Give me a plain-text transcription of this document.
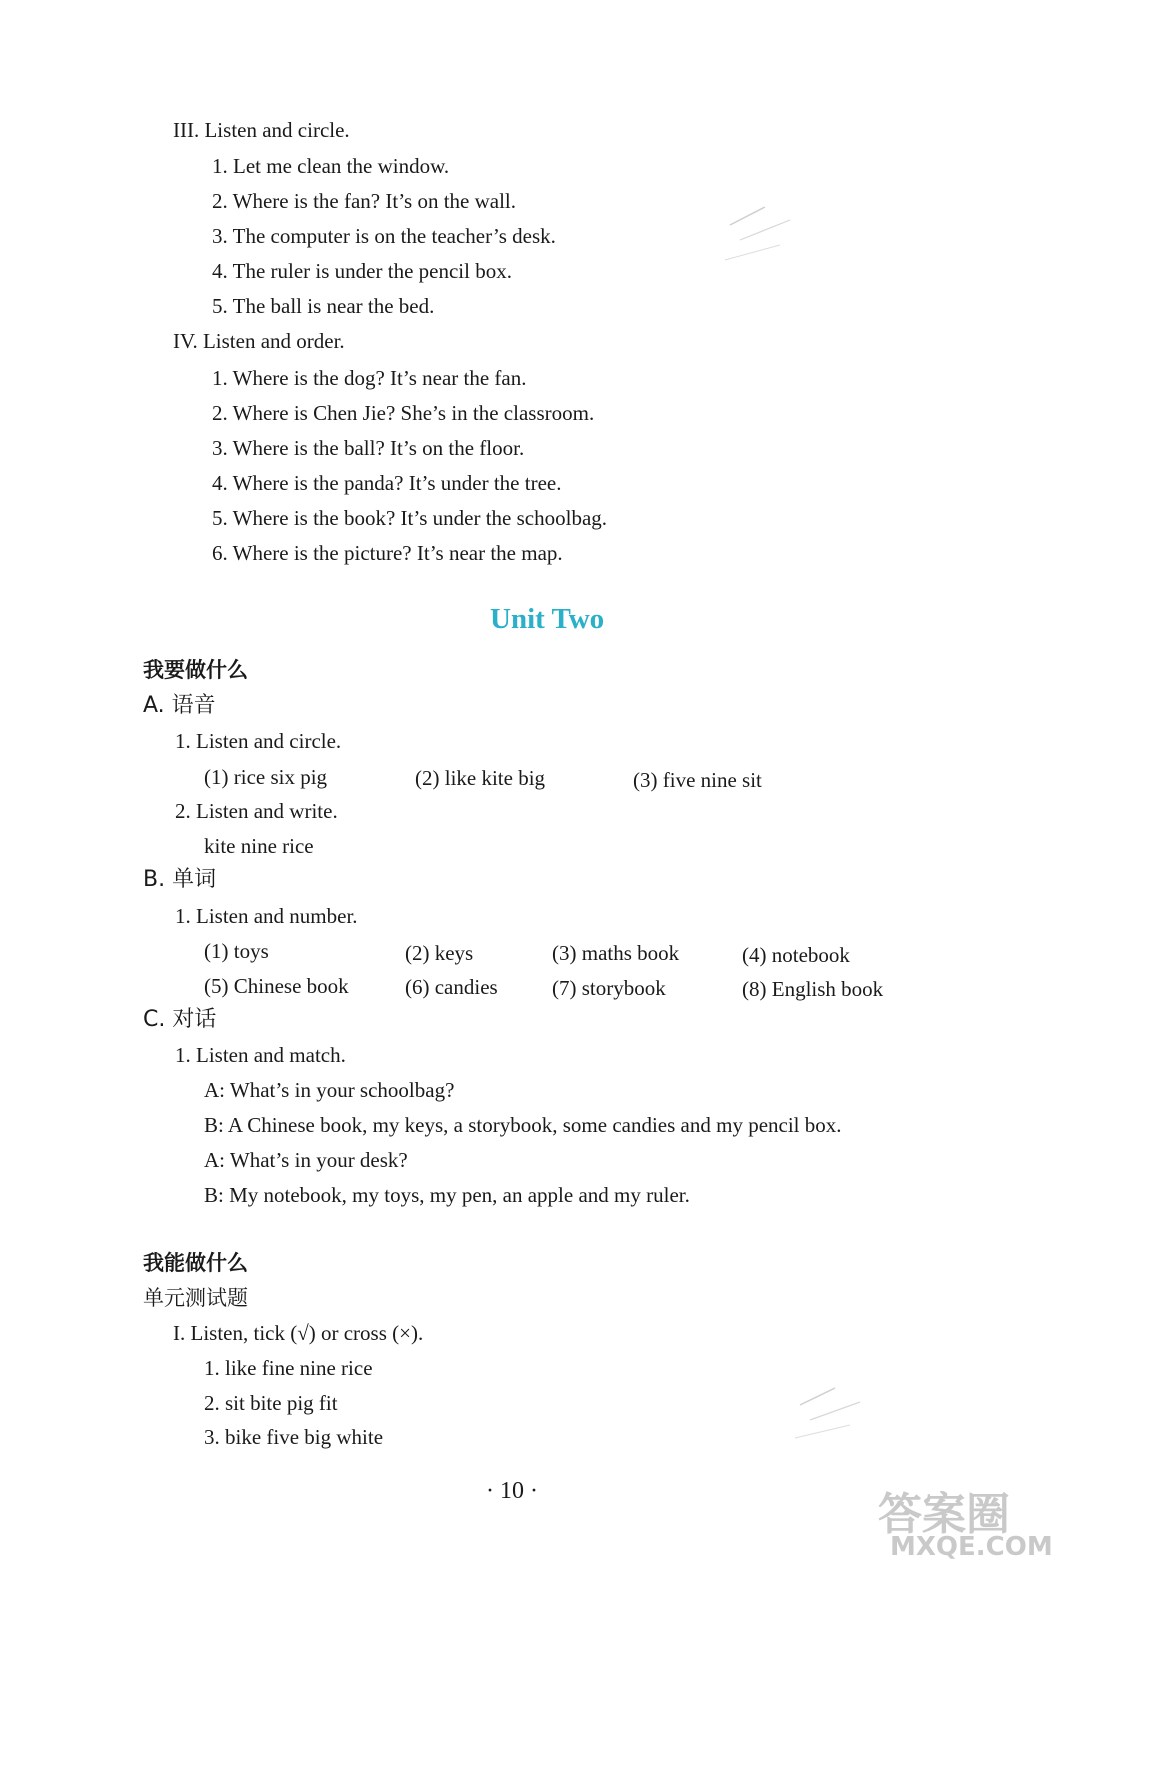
III. Listen and circle.
1. Let me clean the window.
2. Where is the fan? It’s on the wall.
3. The computer is on the teacher’s desk.
4. The ruler is under the pencil box.
5. The ball is near the bed.
IV. Listen and order.
1. Where is the dog? It’s near the fan.
2. Where is Chen Jie? She’s in the classroom.
3. Where is the ball? It’s on the floor.
4. Where is the panda? It’s under the tree.
5. Where is the book? It’s under the schoolbag.
6. Where is the picture? It’s near the map.
Unit Two
我要做什么
A. 语音
1. Listen and circle.
(1) rice six pig	(2) like kite big	(3) five nine sit
2. Listen and write.
kite nine rice
B. 单词
1. Listen and number.
(1) toys	(2) keys	(3) maths book	(4) notebook
(5) Chinese book	(6) candies	(7) storybook	(8) English book
C. 对话
1. Listen and match.
A: What’s in your schoolbag?
B: A Chinese book, my keys, a storybook, some candies and my pencil box.
A: What’s in your desk?
B: My notebook, my toys, my pen, an apple and my ruler.
我能做什么
单元测试题
I. Listen, tick (√) or cross (×).
1. like fine nine rice
2. sit bite pig fit
3. bike five big white
· 10 ·	答案圈
MXQE.COM
